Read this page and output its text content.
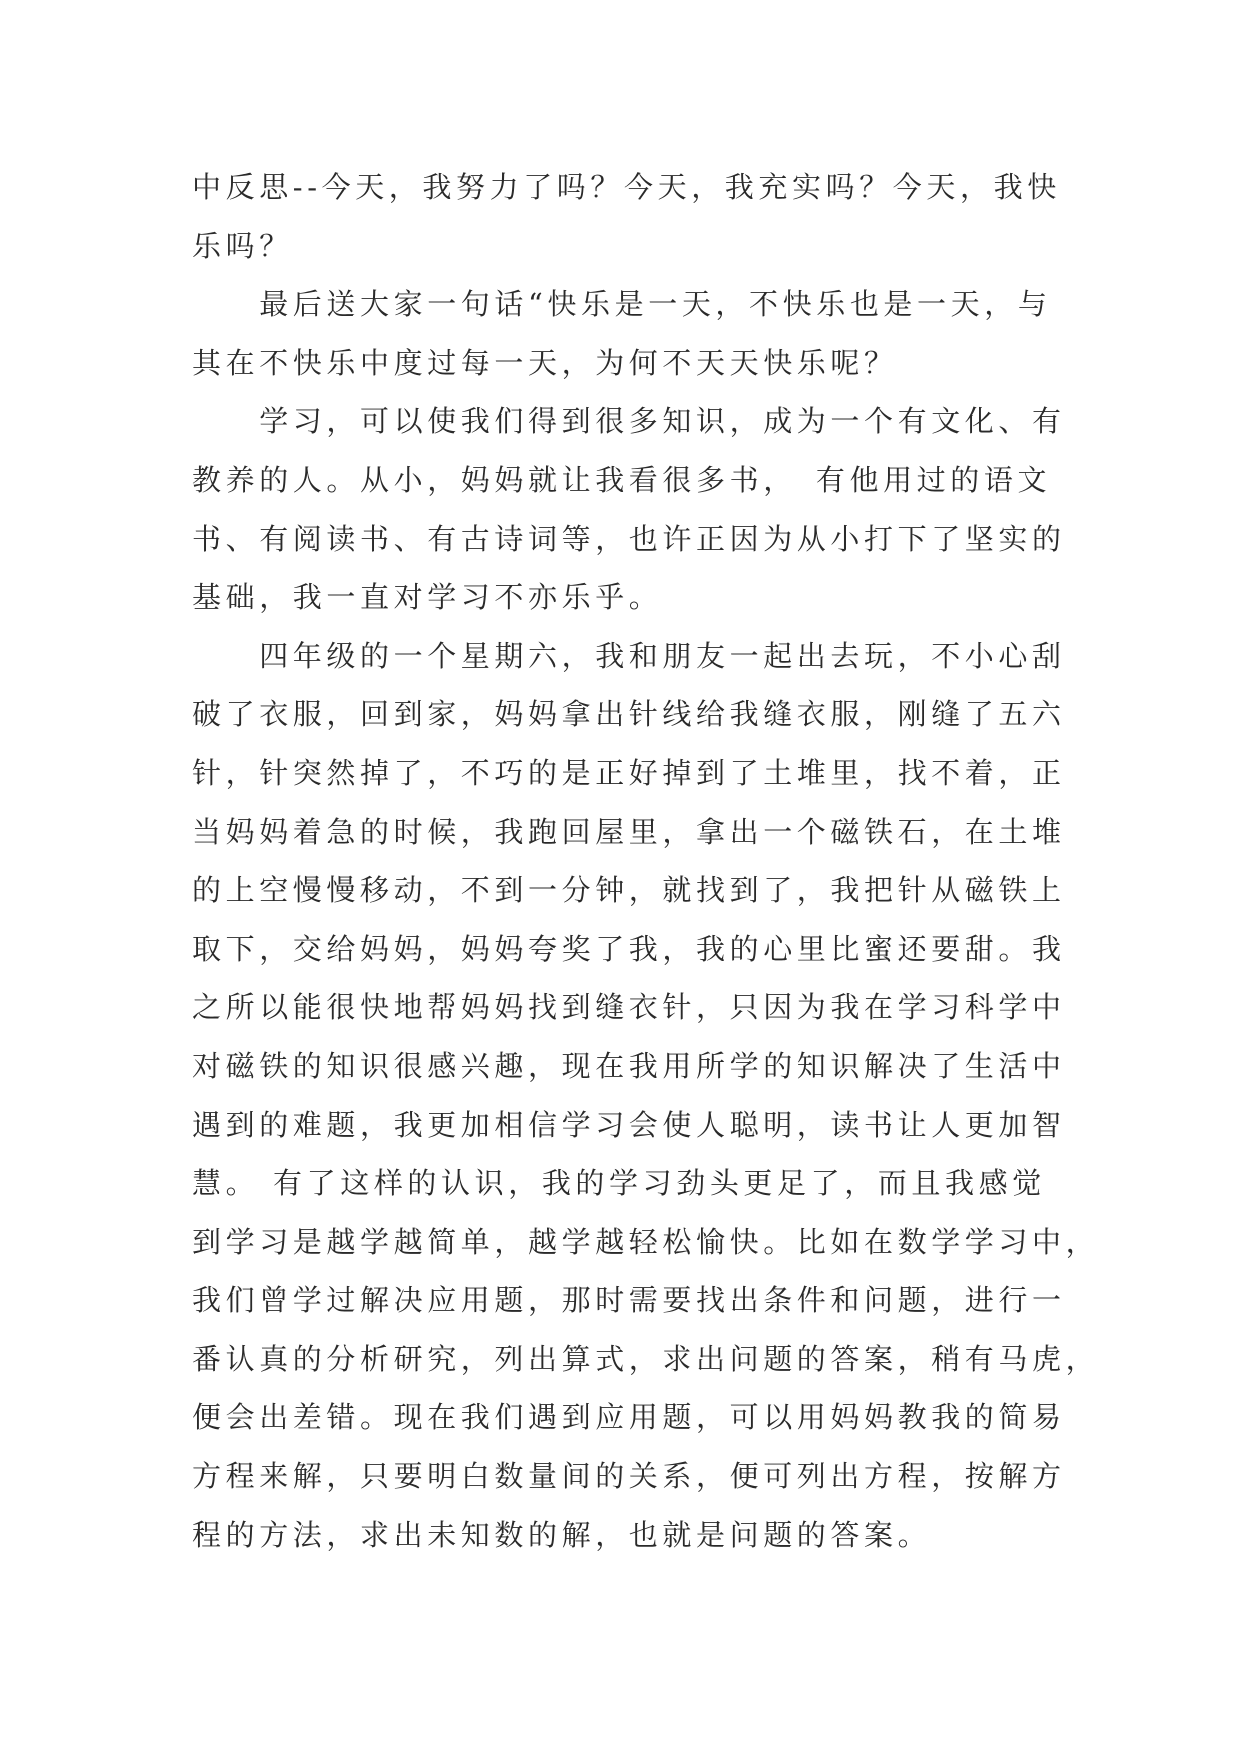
中反思--今天，我努力了吗？今天，我充实吗？今天，我快
乐吗？
　　最后送大家一句话“快乐是一天，不快乐也是一天，与
其在不快乐中度过每一天，为何不天天快乐呢？
　　学习，可以使我们得到很多知识，成为一个有文化、有
教养的人。从小，妈妈就让我看很多书，　有他用过的语文
书、有阅读书、有古诗词等，也许正因为从小打下了坚实的
基础，我一直对学习不亦乐乎。
　　四年级的一个星期六，我和朋友一起出去玩，不小心刮
破了衣服，回到家，妈妈拿出针线给我缝衣服，刚缝了五六
针，针突然掉了，不巧的是正好掉到了土堆里，找不着，正
当妈妈着急的时候，我跑回屋里，拿出一个磁铁石，在土堆
的上空慢慢移动，不到一分钟，就找到了，我把针从磁铁上
取下，交给妈妈，妈妈夸奖了我，我的心里比蜜还要甜。我
之所以能很快地帮妈妈找到缝衣针，只因为我在学习科学中
对磁铁的知识很感兴趣，现在我用所学的知识解决了生活中
遇到的难题，我更加相信学习会使人聪明，读书让人更加智
慧。 有了这样的认识，我的学习劲头更足了，而且我感觉
到学习是越学越简单，越学越轻松愉快。比如在数学学习中，
我们曾学过解决应用题，那时需要找出条件和问题，进行一
番认真的分析研究，列出算式，求出问题的答案，稍有马虎，
便会出差错。现在我们遇到应用题，可以用妈妈教我的简易
方程来解，只要明白数量间的关系，便可列出方程，按解方
程的方法，求出未知数的解，也就是问题的答案。
